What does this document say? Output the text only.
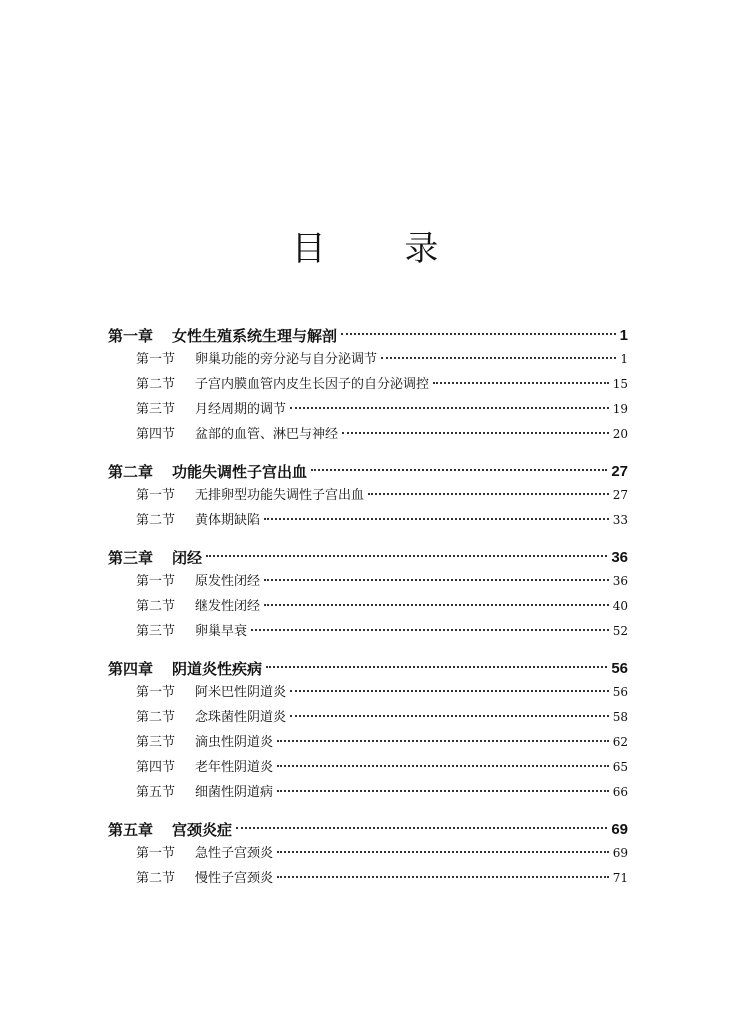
目 录
第一章	女性生殖系统生理与解剖	1
第一节	卵巢功能的旁分泌与自分泌调节	1
第二节	子宫内膜血管内皮生长因子的自分泌调控	15
第三节	月经周期的调节	19
第四节	盆部的血管、淋巴与神经	20
第二章	功能失调性子宫出血	27
第一节	无排卵型功能失调性子宫出血	27
第二节	黄体期缺陷	33
第三章	闭经	36
第一节	原发性闭经	36
第二节	继发性闭经	40
第三节	卵巢早衰	52
第四章	阴道炎性疾病	56
第一节	阿米巴性阴道炎	56
第二节	念珠菌性阴道炎	58
第三节	滴虫性阴道炎	62
第四节	老年性阴道炎	65
第五节	细菌性阴道病	66
第五章	宫颈炎症	69
第一节	急性子宫颈炎	69
第二节	慢性子宫颈炎	71
